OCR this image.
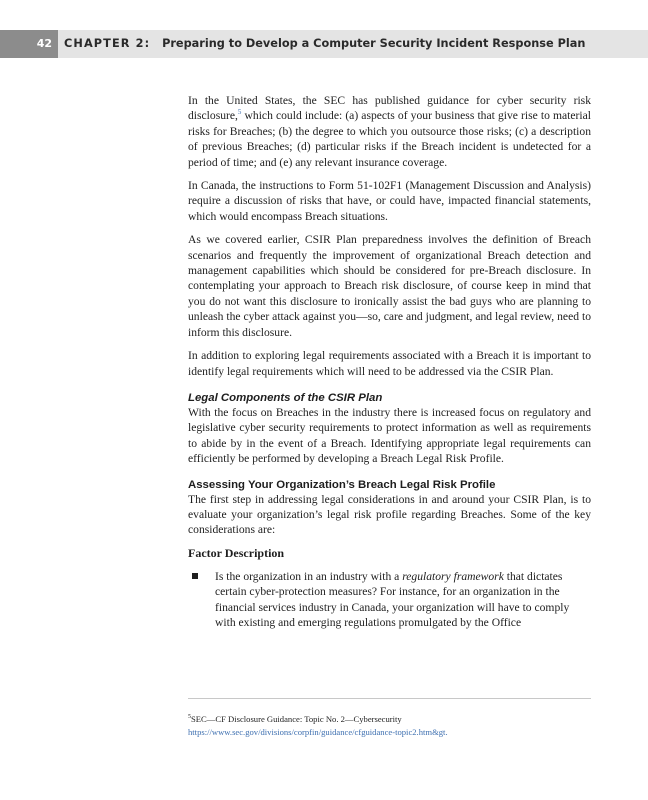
42	CHAPTER 2: Preparing to Develop a Computer Security Incident Response Plan

In the United States, the SEC has published guidance for cyber security risk disclosure,$^5$ which could include: (a) aspects of your business that give rise to material risks for Breaches; (b) the degree to which you outsource those risks; (c) a description of previous Breaches; (d) particular risks if the Breach incident is undetected for a period of time; and (e) any relevant insurance coverage.

In Canada, the instructions to Form 51-102F1 (Management Discussion and Analysis) require a discussion of risks that have, or could have, impacted financial statements, which would encompass Breach situations.

As we covered earlier, CSIR Plan preparedness involves the definition of Breach scenarios and frequently the improvement of organizational Breach detection and management capabilities which should be considered for pre-Breach disclosure. In contemplating your approach to Breach risk disclosure, of course keep in mind that you do not want this disclosure to ironically assist the bad guys who are planning to unleash the cyber attack against you—so, care and judgment, and legal review, need to inform this disclosure.

In addition to exploring legal requirements associated with a Breach it is important to identify legal requirements which will need to be addressed via the CSIR Plan.

Legal Components of the CSIR Plan

With the focus on Breaches in the industry there is increased focus on regulatory and legislative cyber security requirements to protect information as well as requirements to abide by in the event of a Breach. Identifying appropriate legal requirements can efficiently be performed by developing a Breach Legal Risk Profile.

Assessing Your Organization’s Breach Legal Risk Profile

The first step in addressing legal considerations in and around your CSIR Plan, is to evaluate your organization’s legal risk profile regarding Breaches. Some of the key considerations are:

Factor Description

Is the organization in an industry with a regulatory framework that dictates certain cyber-protection measures? For instance, for an organization in the financial services industry in Canada, your organization will have to comply with existing and emerging regulations promulgated by the Office

$^5$SEC—CF Disclosure Guidance: Topic No. 2—Cybersecurity https://www.sec.gov/divisions/corpfin/guidance/cfguidance-topic2.htm&gt.
